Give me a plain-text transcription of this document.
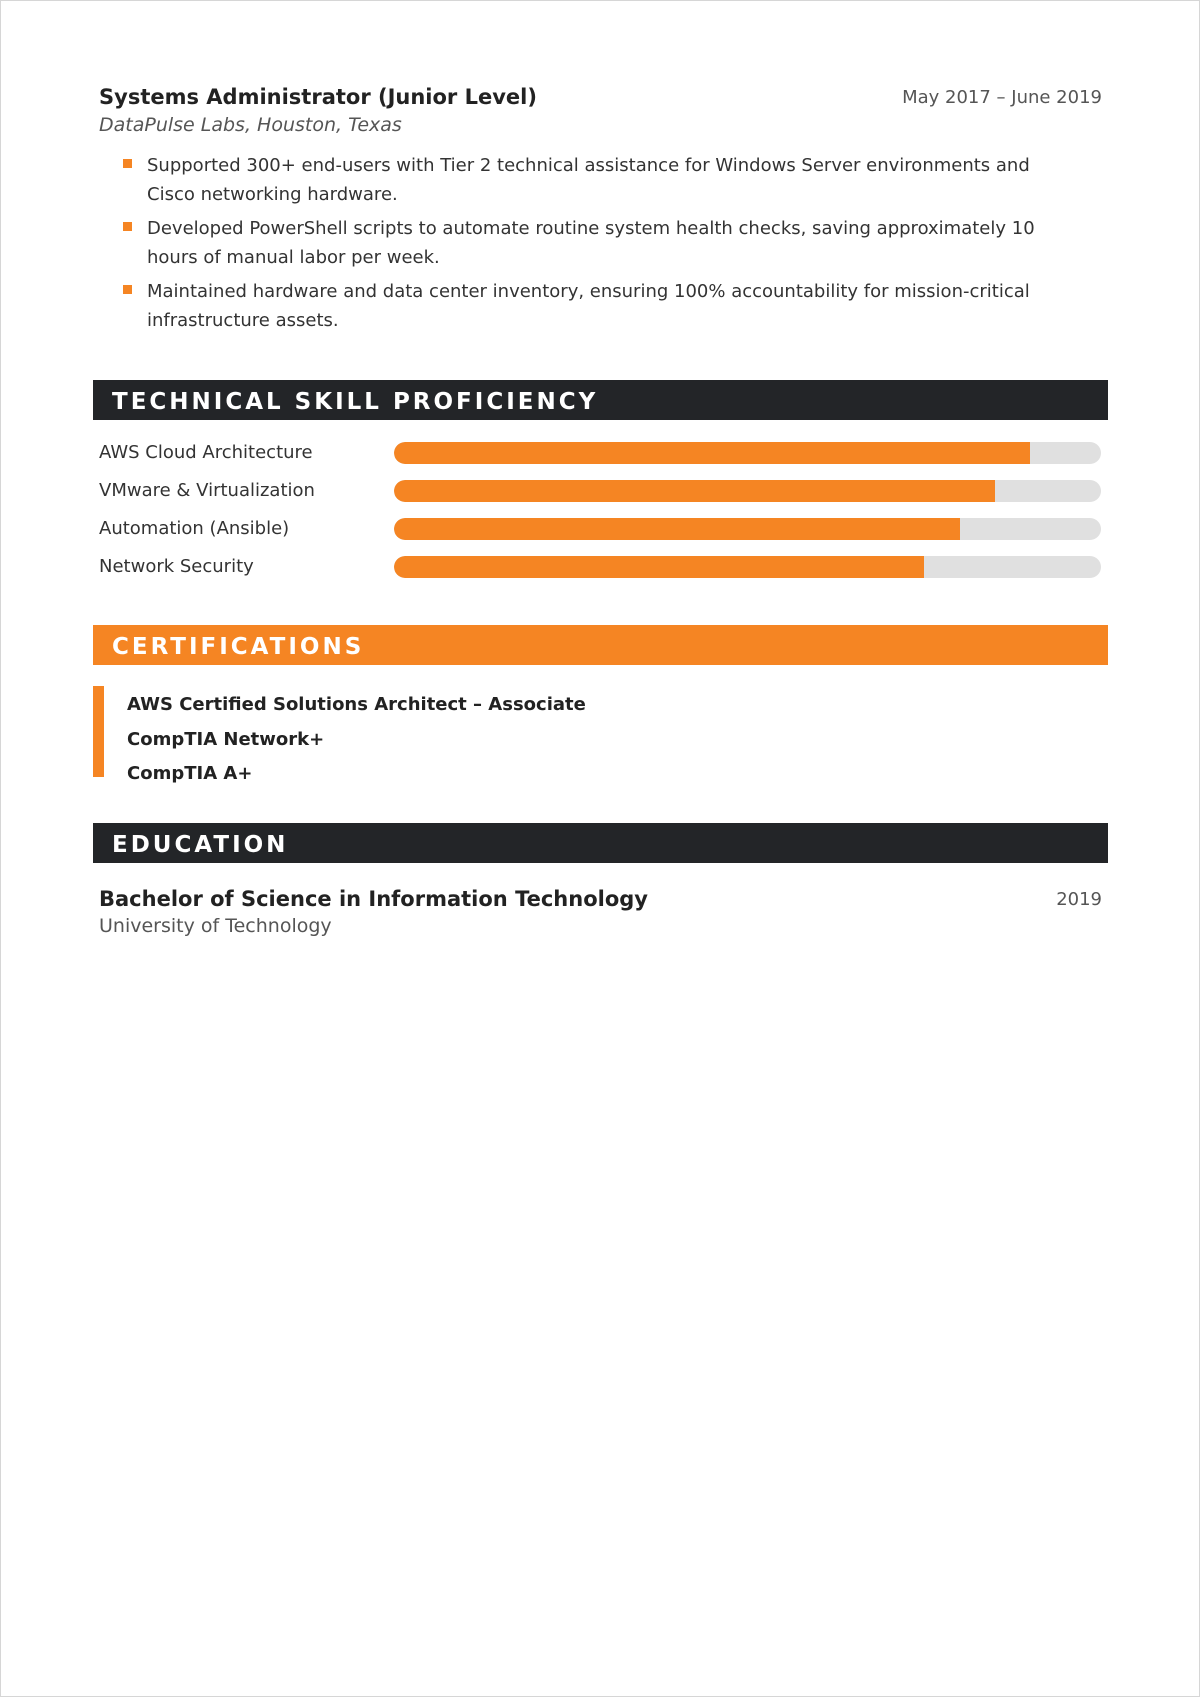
Systems Administrator (Junior Level)	May 2017 – June 2019
DataPulse Labs, Houston, Texas
Supported 300+ end-users with Tier 2 technical assistance for Windows Server environments and Cisco networking hardware.
Developed PowerShell scripts to automate routine system health checks, saving approximately 10 hours of manual labor per week.
Maintained hardware and data center inventory, ensuring 100% accountability for mission-critical infrastructure assets.
TECHNICAL SKILL PROFICIENCY
AWS Cloud Architecture
VMware & Virtualization
Automation (Ansible)
Network Security
CERTIFICATIONS
AWS Certified Solutions Architect – Associate
CompTIA Network+
CompTIA A+
EDUCATION
Bachelor of Science in Information Technology	2019
University of Technology
